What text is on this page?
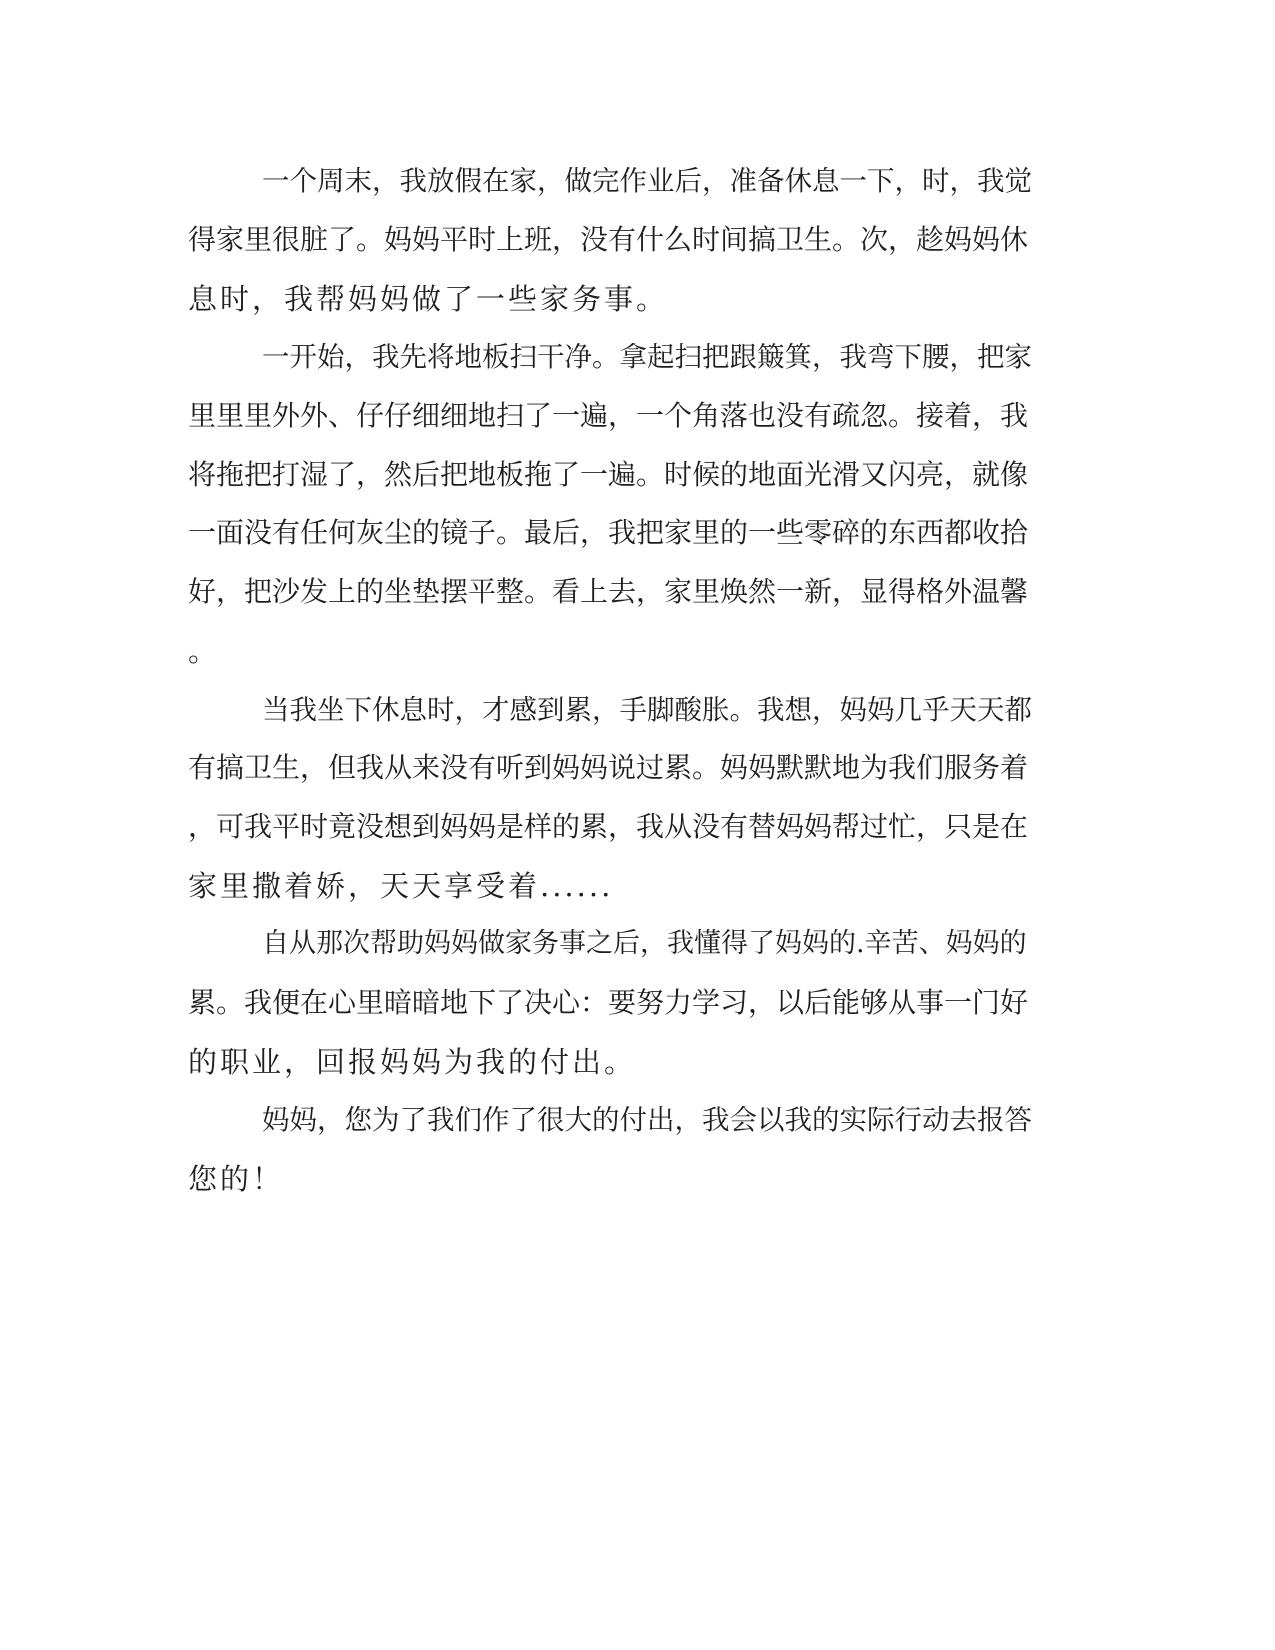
一个周末，我放假在家，做完作业后，准备休息一下，时，我觉
得家里很脏了。妈妈平时上班，没有什么时间搞卫生。次，趁妈妈休
息时，我帮妈妈做了一些家务事。
一开始，我先将地板扫干净。拿起扫把跟簸箕，我弯下腰，把家
里里里外外、仔仔细细地扫了一遍，一个角落也没有疏忽。接着，我
将拖把打湿了，然后把地板拖了一遍。时候的地面光滑又闪亮，就像
一面没有任何灰尘的镜子。最后，我把家里的一些零碎的东西都收拾
好，把沙发上的坐垫摆平整。看上去，家里焕然一新，显得格外温馨
。
当我坐下休息时，才感到累，手脚酸胀。我想，妈妈几乎天天都
有搞卫生，但我从来没有听到妈妈说过累。妈妈默默地为我们服务着
，可我平时竟没想到妈妈是样的累，我从没有替妈妈帮过忙，只是在
家里撒着娇，天天享受着......
自从那次帮助妈妈做家务事之后，我懂得了妈妈的.辛苦、妈妈的
累。我便在心里暗暗地下了决心：要努力学习，以后能够从事一门好
的职业，回报妈妈为我的付出。
妈妈，您为了我们作了很大的付出，我会以我的实际行动去报答
您的！
